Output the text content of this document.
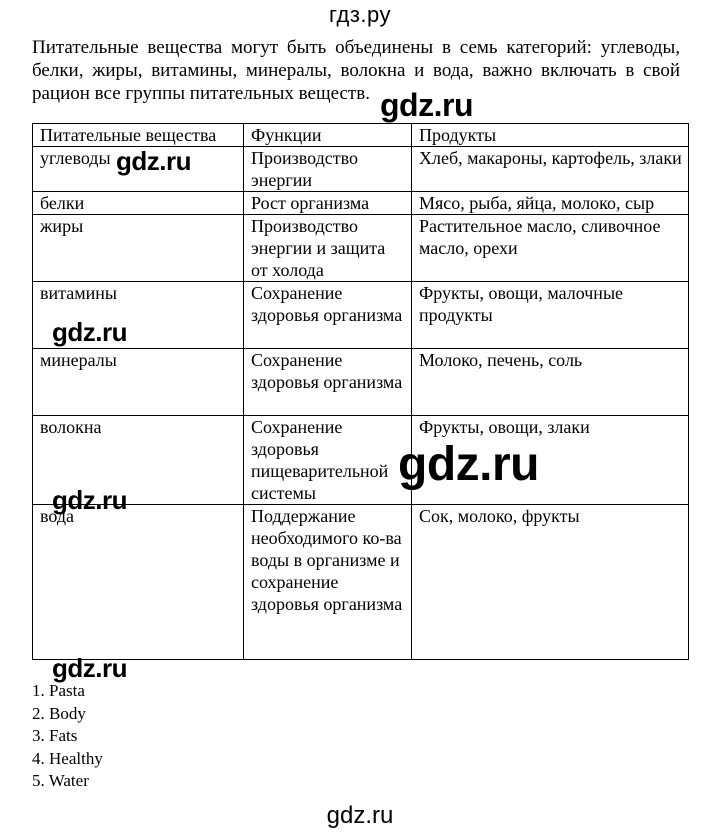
гдз.ру

Питательные вещества могут быть объединены в семь категорий: углеводы, белки, жиры, витамины, минералы, волокна и вода, важно включать в свой рацион все группы питательных веществ.

Питательные вещества	Функции	Продукты
углеводы	Производство энергии	Хлеб, макароны, картофель, злаки
белки	Рост организма	Мясо, рыба, яйца, молоко, сыр
жиры	Производство энергии и защита от холода	Растительное масло, сливочное масло, орехи
витамины	Сохранение здоровья организма	Фрукты, овощи, малочные продукты
минералы	Сохранение здоровья организма	Молоко, печень, соль
волокна	Сохранение здоровья пищеварительной системы	Фрукты, овощи, злаки
вода	Поддержание необходимого ко-ва воды в организме и сохранение здоровья организма	Сок, молоко, фрукты
1. Pasta
2. Body
3. Fats
4. Healthy
5. Water
gdz.ru
gdz.ru
gdz.ru
gdz.ru
gdz.ru
gdz.ru
gdz.ru
